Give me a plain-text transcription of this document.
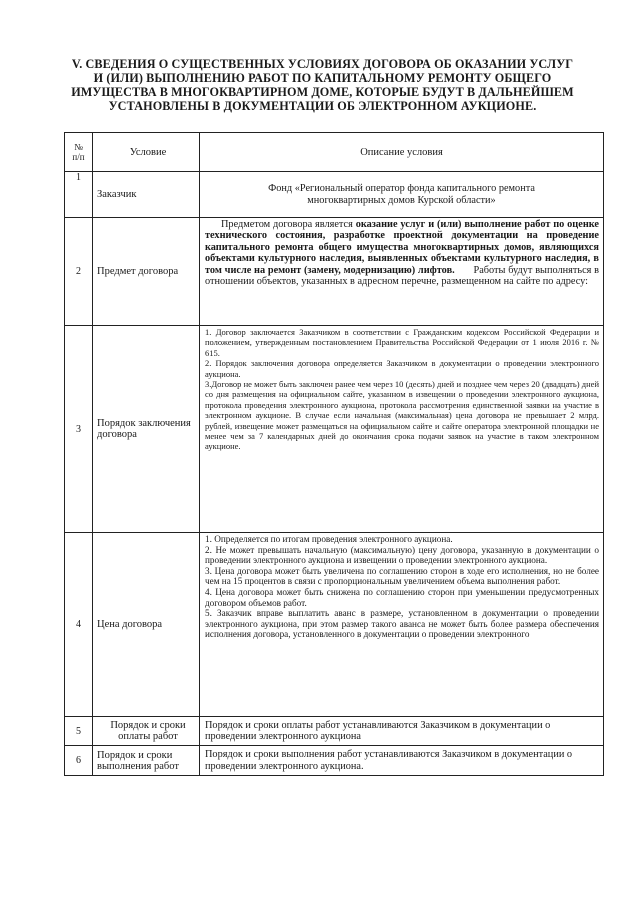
V. СВЕДЕНИЯ О СУЩЕСТВЕННЫХ УСЛОВИЯХ ДОГОВОРА ОБ ОКАЗАНИИ УСЛУГ
И (ИЛИ) ВЫПОЛНЕНИЮ РАБОТ ПО КАПИТАЛЬНОМУ РЕМОНТУ ОБЩЕГО
ИМУЩЕСТВА В МНОГОКВАРТИРНОМ ДОМЕ, КОТОРЫЕ БУДУТ В ДАЛЬНЕЙШЕМ
УСТАНОВЛЕНЫ В ДОКУМЕНТАЦИИ ОБ ЭЛЕКТРОННОМ АУКЦИОНЕ.
№
п/п	Условие	Описание условия
1	Заказчик	Фонд «Региональный оператор фонда капитального ремонта многоквартирных домов Курской области»

2	Предмет договора	Предметом договора является оказание услуг и (или) выполнение работ по оценке технического состояния, разработке проектной документации на проведение капитального ремонта общего имущества многоквартирных домов, являющихся объектами культурного наследия, выявленных объектами культурного наследия, в том числе на ремонт (замену, модернизацию) лифтов. Работы будут выполняться в отношении объектов, указанных в адресном перечне, размещенном на сайте по адресу:

3	Порядок заключения договора	1. Договор заключается Заказчиком в соответствии с Гражданским кодексом Российской Федерации и положением, утвержденным постановлением Правительства Российской Федерации от 1 июля 2016 г. № 615.

2. Порядок заключения договора определяется Заказчиком в документации о проведении электронного аукциона.

3.Договор не может быть заключен ранее чем через 10 (десять) дней и позднее чем через 20 (двадцать) дней со дня размещения на официальном сайте, указанном в извещении о проведении электронного аукциона, протокола проведения электронного аукциона, протокола рассмотрения единственной заявки на участие в электронном аукционе. В случае если начальная (максимальная) цена договора не превышает 2 млрд. рублей, извещение может размещаться на официальном сайте и сайте оператора электронной площадки не менее чем за 7 календарных дней до окончания срока подачи заявок на участие в таком электронном аукционе.

4	Цена договора	1. Определяется по итогам проведения электронного аукциона.

2. Не может превышать начальную (максимальную) цену договора, указанную в документации о проведении электронного аукциона и извещении о проведении электронного аукциона.

3. Цена договора может быть увеличена по соглашению сторон в ходе его исполнения, но не более чем на 15 процентов в связи с пропорциональным увеличением объема выполнения работ.

4. Цена договора может быть снижена по соглашению сторон при уменьшении предусмотренных договором объемов работ.

5. Заказчик вправе выплатить аванс в размере, установленном в документации о проведении электронного аукциона, при этом размер такого аванса не может быть более размера обеспечения исполнения договора, установленного в документации о проведении электронного

5	Порядок и сроки оплаты работ	Порядок и сроки оплаты работ устанавливаются Заказчиком в документации о проведении электронного аукциона

6	Порядок и сроки выполнения работ	Порядок и сроки выполнения работ устанавливаются Заказчиком в документации о проведении электронного аукциона.
